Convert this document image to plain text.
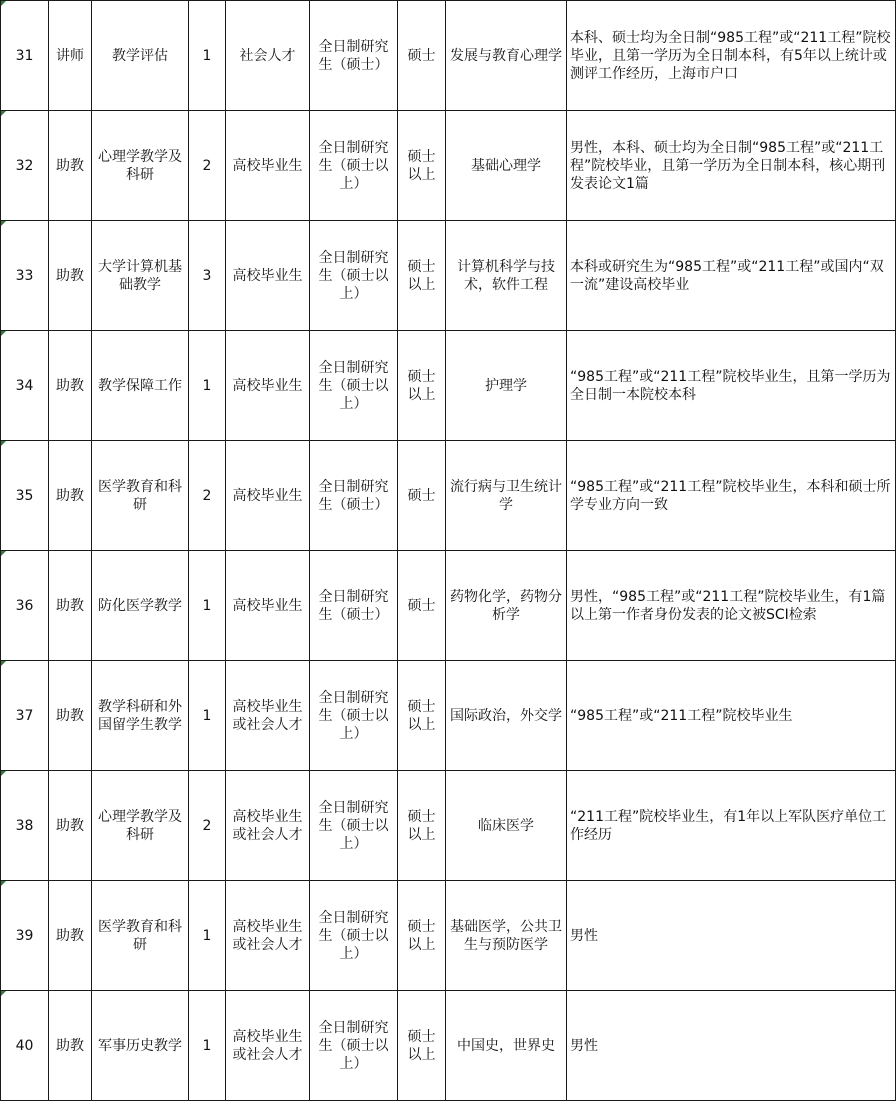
31	讲师	教学评估	1	社会人才	全日制研究生（硕士）	硕士	发展与教育心理学	本科、硕士均为全日制“985工程”或“211工程”院校毕业，且第一学历为全日制本科，有5年以上统计或测评工作经历，上海市户口
32	助教	心理学教学及科研	2	高校毕业生	全日制研究生（硕士以上）	硕士以上	基础心理学	男性，本科、硕士均为全日制“985工程”或“211工程”院校毕业，且第一学历为全日制本科，核心期刊发表论文1篇
33	助教	大学计算机基础教学	3	高校毕业生	全日制研究生（硕士以上）	硕士以上	计算机科学与技术，软件工程	本科或研究生为“985工程”或“211工程”或国内“双一流”建设高校毕业
34	助教	教学保障工作	1	高校毕业生	全日制研究生（硕士以上）	硕士以上	护理学	“985工程”或“211工程”院校毕业生，且第一学历为全日制一本院校本科
35	助教	医学教育和科研	2	高校毕业生	全日制研究生（硕士）	硕士	流行病与卫生统计学	“985工程”或“211工程”院校毕业生，本科和硕士所学专业方向一致
36	助教	防化医学教学	1	高校毕业生	全日制研究生（硕士）	硕士	药物化学，药物分析学	男性，“985工程”或“211工程”院校毕业生，有1篇以上第一作者身份发表的论文被SCI检索
37	助教	教学科研和外国留学生教学	1	高校毕业生或社会人才	全日制研究生（硕士以上）	硕士以上	国际政治，外交学	“985工程”或“211工程”院校毕业生
38	助教	心理学教学及科研	2	高校毕业生或社会人才	全日制研究生（硕士以上）	硕士以上	临床医学	“211工程”院校毕业生，有1年以上军队医疗单位工作经历
39	助教	医学教育和科研	1	高校毕业生或社会人才	全日制研究生（硕士以上）	硕士以上	基础医学，公共卫生与预防医学	男性
40	助教	军事历史教学	1	高校毕业生或社会人才	全日制研究生（硕士以上）	硕士以上	中国史，世界史	男性
